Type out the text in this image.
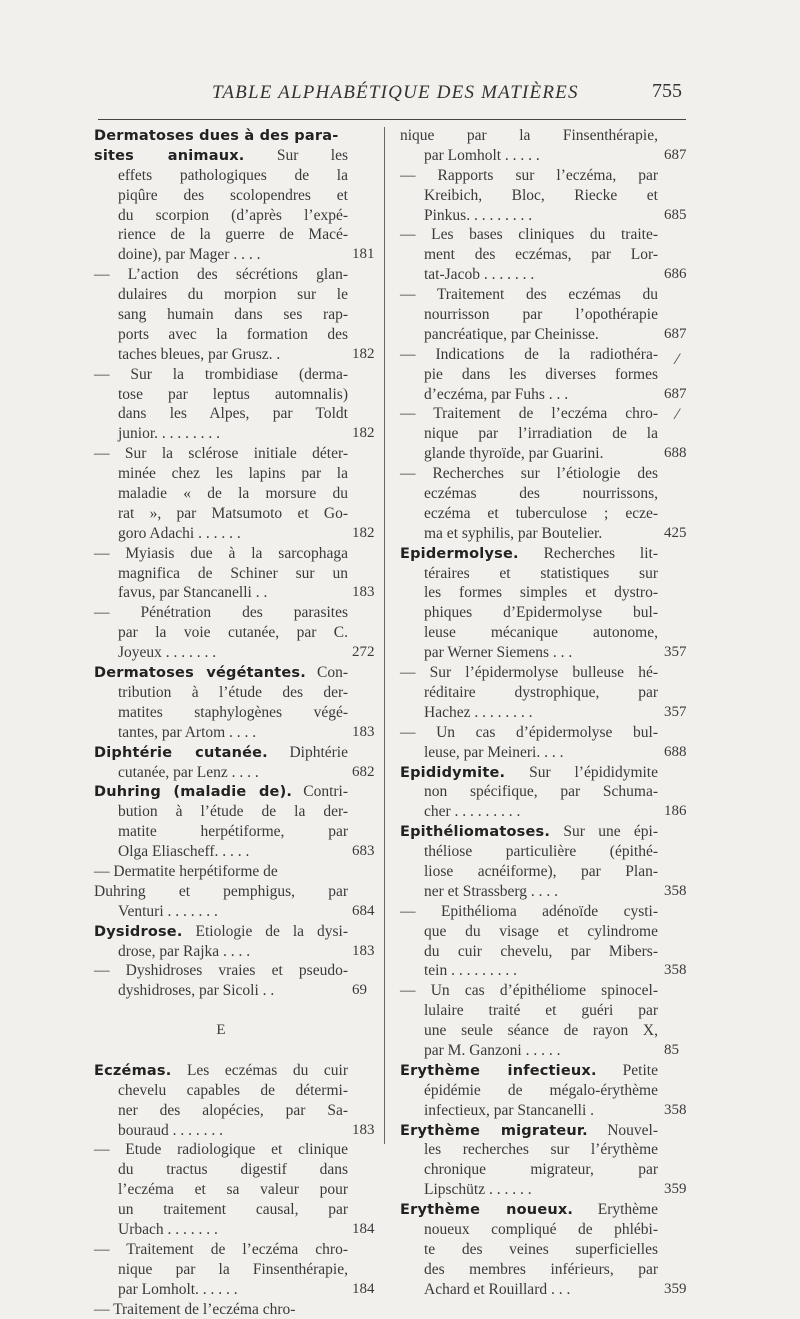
TABLE ALPHABÉTIQUE DES MATIÈRES	755
Dermatoses dues à des para-
sites animaux. Sur les
effets pathologiques de la
piqûre des scolopendres et
du scorpion (d’après l’expé-
rience de la guerre de Macé-
doine), par Mager . . . .	181
— L’action des sécrétions glan-
dulaires du morpion sur le
sang humain dans ses rap-
ports avec la formation des
taches bleues, par Grusz. .	182
— Sur la trombidiase (derma-
tose par leptus automnalis)
dans les Alpes, par Toldt
junior. . . . . . . . .	182
— Sur la sclérose initiale déter-
minée chez les lapins par la
maladie « de la morsure du
rat », par Matsumoto et Go-
goro Adachi . . . . . .	182
— Myiasis due à la sarcophaga
magnifica de Schiner sur un
favus, par Stancanelli . .	183
— Pénétration des parasites
par la voie cutanée, par C.
Joyeux . . . . . . .	272
Dermatoses végétantes. Con-
tribution à l’étude des der-
matites staphylogènes végé-
tantes, par Artom . . . .	183
Diphtérie cutanée. Diphtérie
cutanée, par Lenz . . . .	682
Duhring (maladie de). Contri-
bution à l’étude de la der-
matite herpétiforme, par
Olga Eliascheff. . . . .	683
— Dermatite herpétiforme de
Duhring et pemphigus, par
Venturi . . . . . . .	684
Dysidrose. Etiologie de la dysi-
drose, par Rajka . . . .	183
— Dyshidroses vraies et pseudo-
dyshidroses, par Sicoli . .	69
E
Eczémas. Les eczémas du cuir
chevelu capables de détermi-
ner des alopécies, par Sa-
bouraud . . . . . . .	183
— Etude radiologique et clinique
du tractus digestif dans
l’eczéma et sa valeur pour
un traitement causal, par
Urbach . . . . . . .	184
— Traitement de l’eczéma chro-
nique par la Finsenthérapie,
par Lomholt. . . . . .	184
— Traitement de l’eczéma chro-
nique par la Finsenthérapie,
par Lomholt . . . . .	687
— Rapports sur l’eczéma, par
Kreibich, Bloc, Riecke et
Pinkus. . . . . . . . .	685
— Les bases cliniques du traite-
ment des eczémas, par Lor-
tat-Jacob . . . . . . .	686
— Traitement des eczémas du
nourrisson par l’opothérapie
pancréatique, par Cheinisse.	687
— Indications de la radiothéra-
pie dans les diverses formes
d’eczéma, par Fuhs . . .	687
— Traitement de l’eczéma chro-
nique par l’irradiation de la
glande thyroïde, par Guarini.	688
— Recherches sur l’étiologie des
eczémas des nourrissons,
eczéma et tuberculose ; ecze-
ma et syphilis, par Boutelier.	425
Epidermolyse. Recherches lit-
téraires et statistiques sur
les formes simples et dystro-
phiques d’Epidermolyse bul-
leuse mécanique autonome,
par Werner Siemens . . .	357
— Sur l’épidermolyse bulleuse hé-
réditaire dystrophique, par
Hachez . . . . . . . .	357
— Un cas d’épidermolyse bul-
leuse, par Meineri. . . .	688
Epididymite. Sur l’épididymite
non spécifique, par Schuma-
cher . . . . . . . . .	186
Epithéliomatoses. Sur une épi-
théliose particulière (épithé-
liose acnéiforme), par Plan-
ner et Strassberg . . . .	358
— Epithélioma adénoïde cysti-
que du visage et cylindrome
du cuir chevelu, par Mibers-
tein . . . . . . . . .	358
— Un cas d’épithéliome spinocel-
lulaire traité et guéri par
une seule séance de rayon X,
par M. Ganzoni . . . . .	85
Erythème infectieux. Petite
épidémie de mégalo-érythème
infectieux, par Stancanelli .	358
Erythème migrateur. Nouvel-
les recherches sur l’érythème
chronique migrateur, par
Lipschütz . . . . . .	359
Erythème noueux. Erythème
noueux compliqué de phlébi-
te des veines superficielles
des membres inférieurs, par
Achard et Rouillard . . .	359
⁄
⁄
